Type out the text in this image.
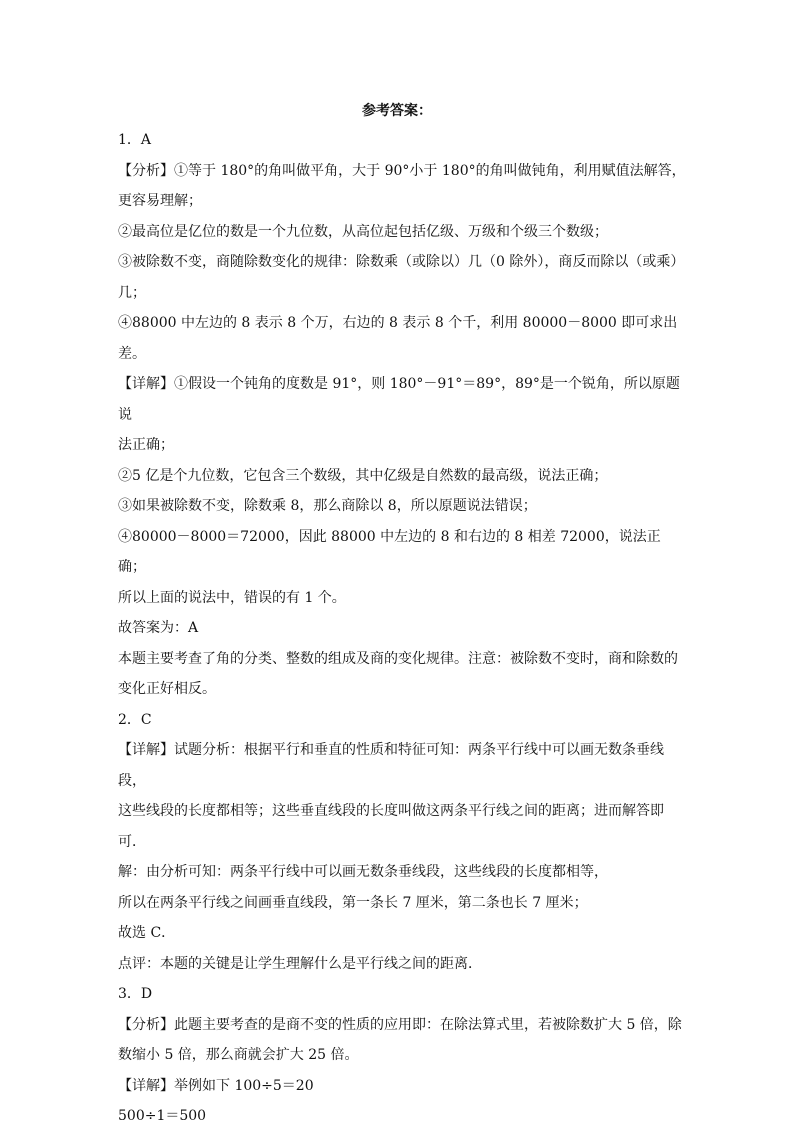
参考答案：

1．A

【分析】①等于 180°的角叫做平角，大于 90°小于 180°的角叫做钝角，利用赋值法解答，

更容易理解；

②最高位是亿位的数是一个九位数，从高位起包括亿级、万级和个级三个数级；

③被除数不变，商随除数变化的规律：除数乘（或除以）几（0 除外），商反而除以（或乘）

几；

④88000 中左边的 8 表示 8 个万，右边的 8 表示 8 个千，利用 80000－8000 即可求出差。

【详解】①假设一个钝角的度数是 91°，则 180°－91°＝89°，89°是一个锐角，所以原题说

法正确；

②5 亿是个九位数，它包含三个数级，其中亿级是自然数的最高级，说法正确；

③如果被除数不变，除数乘 8，那么商除以 8，所以原题说法错误；

④80000－8000＝72000，因此 88000 中左边的 8 和右边的 8 相差 72000，说法正确；

所以上面的说法中，错误的有 1 个。

故答案为：A

本题主要考查了角的分类、整数的组成及商的变化规律。注意：被除数不变时，商和除数的

变化正好相反。

2．C

【详解】试题分析：根据平行和垂直的性质和特征可知：两条平行线中可以画无数条垂线段，

这些线段的长度都相等；这些垂直线段的长度叫做这两条平行线之间的距离；进而解答即

可．

解：由分析可知：两条平行线中可以画无数条垂线段，这些线段的长度都相等，

所以在两条平行线之间画垂直线段，第一条长 7 厘米，第二条也长 7 厘米；

故选 C．

点评：本题的关键是让学生理解什么是平行线之间的距离．

3．D

【分析】此题主要考查的是商不变的性质的应用即：在除法算式里，若被除数扩大 5 倍，除

数缩小 5 倍，那么商就会扩大 25 倍。

【详解】举例如下 100÷5＝20

500÷1＝500
